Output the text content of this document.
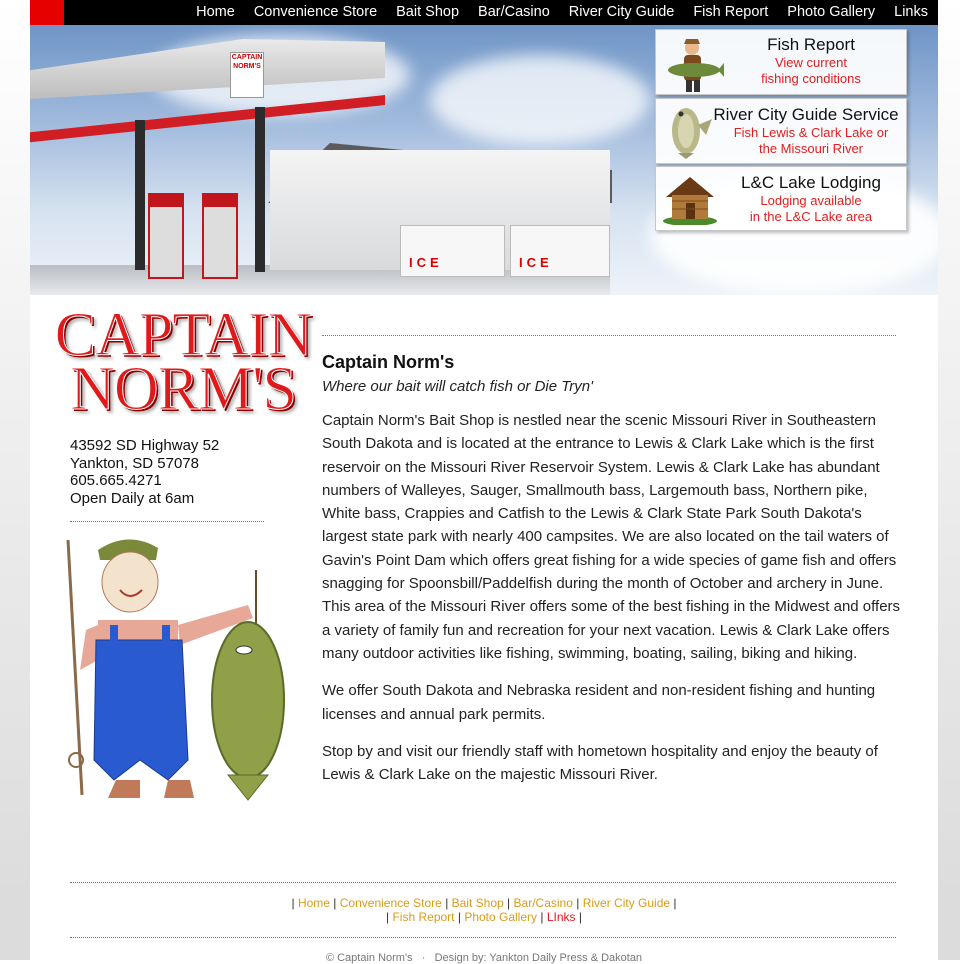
Home	Convenience Store	Bait Shop	Bar/Casino	River City Guide	Fish Report	Photo Gallery	Links
ICE	ICE
CAPTAIN NORM'S
Fish Report
View current
fishing conditions
River City Guide Service
Fish Lewis & Clark Lake or
the Missouri River
L&C Lake Lodging
Lodging available
in the L&C Lake area
CAPTAIN
NORM'S
43592 SD Highway 52
Yankton, SD 57078
605.665.4271
Open Daily at 6am
Captain Norm's
Where our bait will catch fish or Die Tryn'

Captain Norm's Bait Shop is nestled near the scenic Missouri River in Southeastern South Dakota and is located at the entrance to Lewis & Clark Lake which is the first reservoir on the Missouri River Reservoir System. Lewis & Clark Lake has abundant numbers of Walleyes, Sauger, Smallmouth bass, Largemouth bass, Northern pike, White bass, Crappies and Catfish to the Lewis & Clark State Park South Dakota's largest state park with nearly 400 campsites. We are also located on the tail waters of Gavin's Point Dam which offers great fishing for a wide species of game fish and offers snagging for Spoonsbill/Paddelfish during the month of October and archery in June. This area of the Missouri River offers some of the best fishing in the Midwest and offers a variety of family fun and recreation for your next vacation. Lewis & Clark Lake offers many outdoor activities like fishing, swimming, boating, sailing, biking and hiking.

We offer South Dakota and Nebraska resident and non-resident fishing and hunting licenses and annual park permits.

Stop by and visit our friendly staff with hometown hospitality and enjoy the beauty of Lewis & Clark Lake on the majestic Missouri River.

| Home | Convenience Store | Bait Shop | Bar/Casino | River City Guide |
| Fish Report | Photo Gallery | LInks |
© Captain Norm's · Design by: Yankton Daily Press & Dakotan
